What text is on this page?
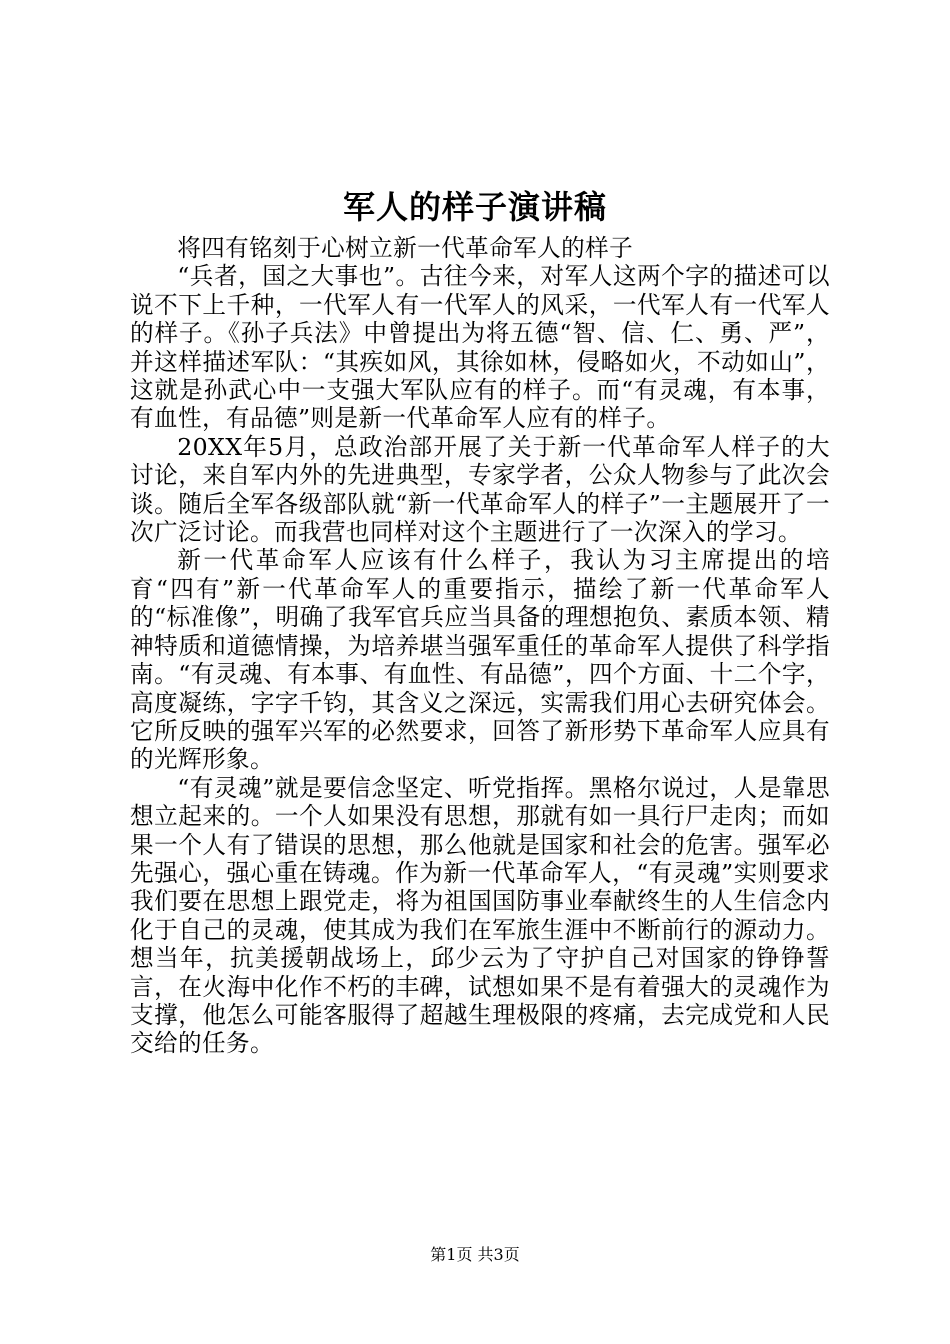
军人的样子演讲稿

将四有铭刻于心树立新一代革命军人的样子

“兵者，国之大事也”。古往今来，对军人这两个字的描述可以说不下上千种，一代军人有一代军人的风采，一代军人有一代军人的样子。《孙子兵法》中曾提出为将五德“智、信、仁、勇、严”，并这样描述军队：“其疾如风，其徐如林，侵略如火，不动如山”，这就是孙武心中一支强大军队应有的样子。而“有灵魂，有本事，有血性，有品德”则是新一代革命军人应有的样子。

20XX年5月，总政治部开展了关于新一代革命军人样子的大讨论，来自军内外的先进典型，专家学者，公众人物参与了此次会谈。随后全军各级部队就“新一代革命军人的样子”一主题展开了一次广泛讨论。而我营也同样对这个主题进行了一次深入的学习。

新一代革命军人应该有什么样子，我认为习主席提出的培育“四有”新一代革命军人的重要指示，描绘了新一代革命军人的“标准像”，明确了我军官兵应当具备的理想抱负、素质本领、精神特质和道德情操，为培养堪当强军重任的革命军人提供了科学指南。“有灵魂、有本事、有血性、有品德”，四个方面、十二个字，高度凝练，字字千钧，其含义之深远，实需我们用心去研究体会。它所反映的强军兴军的必然要求，回答了新形势下革命军人应具有的光辉形象。

“有灵魂”就是要信念坚定、听党指挥。黑格尔说过，人是靠思想立起来的。一个人如果没有思想，那就有如一具行尸走肉；而如果一个人有了错误的思想，那么他就是国家和社会的危害。强军必先强心，强心重在铸魂。作为新一代革命军人，“有灵魂”实则要求我们要在思想上跟党走，将为祖国国防事业奉献终生的人生信念内化于自己的灵魂，使其成为我们在军旅生涯中不断前行的源动力。想当年，抗美援朝战场上，邱少云为了守护自己对国家的铮铮誓言，在火海中化作不朽的丰碑，试想如果不是有着强大的灵魂作为支撑，他怎么可能客服得了超越生理极限的疼痛，去完成党和人民交给的任务。

第1页 共3页
